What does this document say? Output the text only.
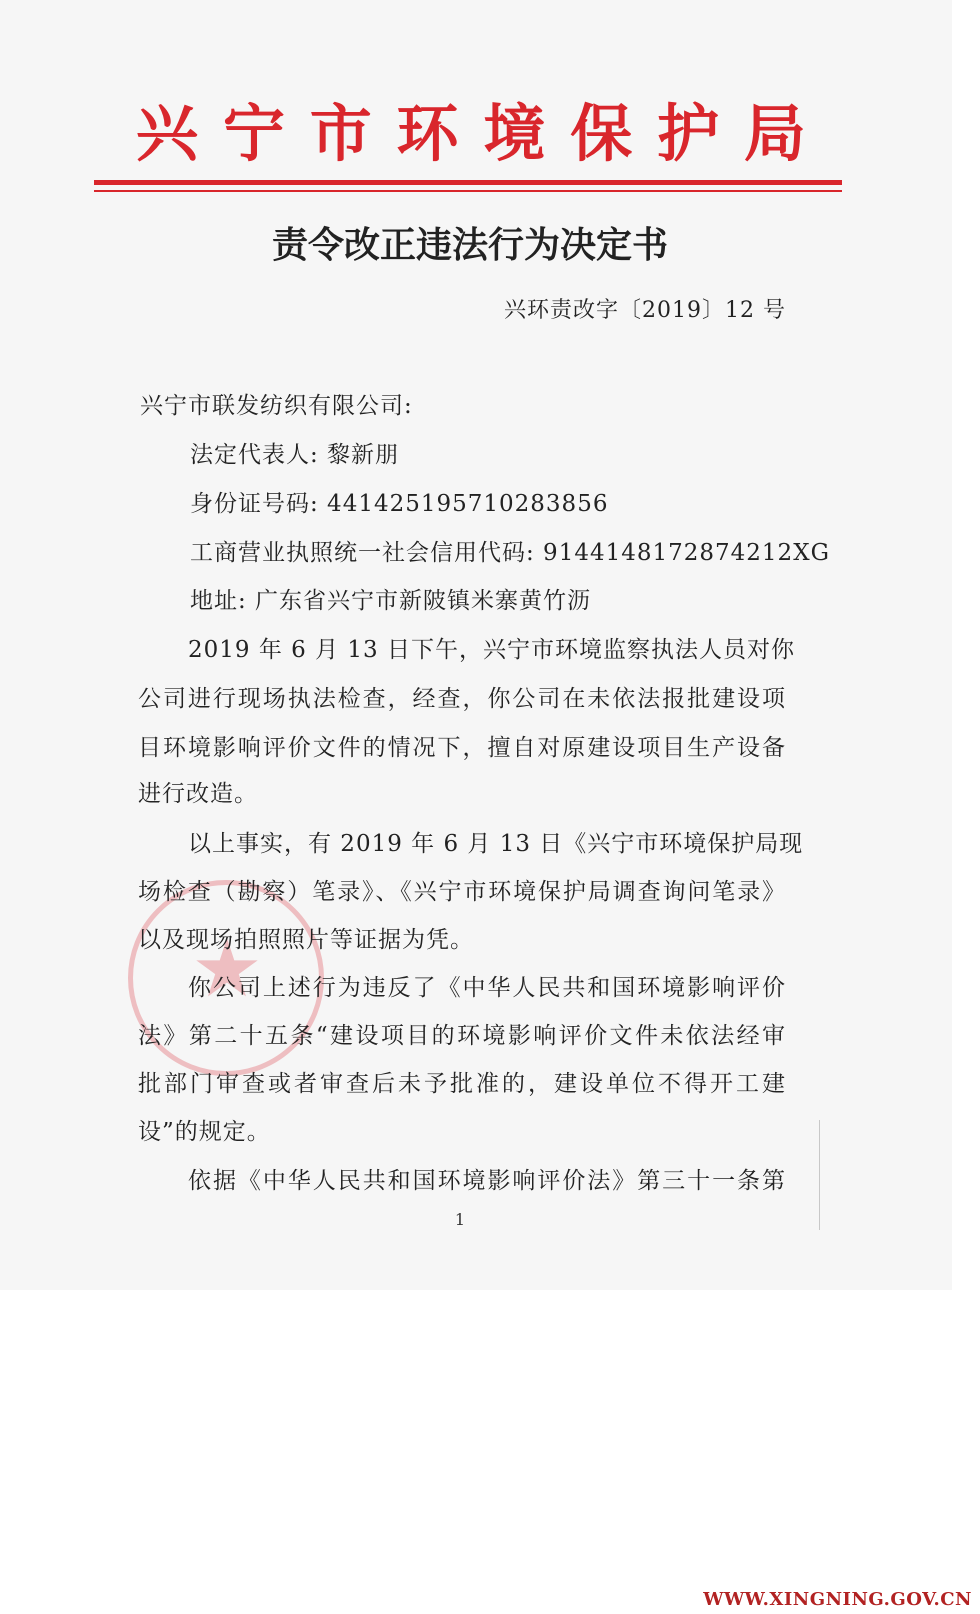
兴 宁 市 环 境 保 护 局
责令改正违法行为决定书
兴环责改字〔2019〕12 号
★
兴宁市联发纺织有限公司:
法定代表人: 黎新朋
身份证号码: 441425195710283856
工商营业执照统一社会信用代码: 9144148172874212XG
地址: 广东省兴宁市新陂镇米寨黄竹沥
2019 年 6 月 13 日下午，兴宁市环境监察执法人员对你
公司进行现场执法检查，经查，你公司在未依法报批建设项
目环境影响评价文件的情况下，擅自对原建设项目生产设备
进行改造。
以上事实，有 2019 年 6 月 13 日《兴宁市环境保护局现
场检查（勘察）笔录》、《兴宁市环境保护局调查询问笔录》
以及现场拍照照片等证据为凭。
你公司上述行为违反了《中华人民共和国环境影响评价
法》第二十五条“建设项目的环境影响评价文件未依法经审
批部门审查或者审查后未予批准的，建设单位不得开工建
设”的规定。
依据《中华人民共和国环境影响评价法》第三十一条第
1
WWW.XINGNING.GOV.CN
